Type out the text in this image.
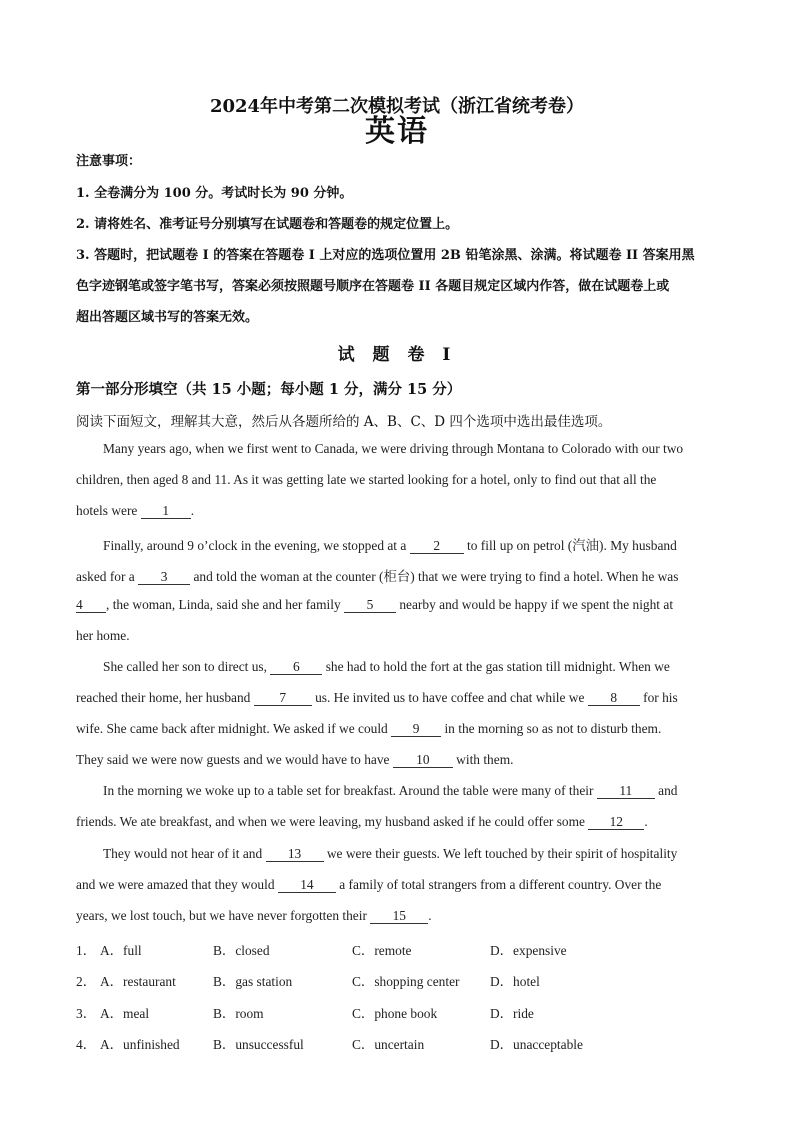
2024年中考第二次模拟考试（浙江省统考卷）
英语
注意事项：
1. 全卷满分为 100 分。考试时长为 90 分钟。
2. 请将姓名、准考证号分别填写在试题卷和答题卷的规定位置上。
3. 答题时，把试题卷 I 的答案在答题卷 I 上对应的选项位置用 2B 铅笔涂黑、涂满。将试题卷 II 答案用黑
色字迹钢笔或签字笔书写，答案必须按照题号顺序在答题卷 II 各题目规定区域内作答，做在试题卷上或
超出答题区域书写的答案无效。
试 题 卷 I
第一部分形填空（共 15 小题；每小题 1 分，满分 15 分）
阅读下面短文，理解其大意，然后从各题所给的 A、B、C、D 四个选项中选出最佳选项。
Many years ago, when we first went to Canada, we were driving through Montana to Colorado with our two
children, then aged 8 and 11. As it was getting late we started looking for a hotel, only to find out that all the
hotels were 1 .
Finally, around 9 o’clock in the evening, we stopped at a 2 to fill up on petrol (汽油). My husband
asked for a 3 and told the woman at the counter (柜台) that we were trying to find a hotel. When he was
4 , the woman, Linda, said she and her family 5 nearby and would be happy if we spent the night at
her home.
She called her son to direct us, 6 she had to hold the fort at the gas station till midnight. When we
reached their home, her husband 7 us. He invited us to have coffee and chat while we 8 for his
wife. She came back after midnight. We asked if we could 9 in the morning so as not to disturb them.
They said we were now guests and we would have to have 10 with them.
In the morning we woke up to a table set for breakfast. Around the table were many of their 11 and
friends. We ate breakfast, and when we were leaving, my husband asked if he could offer some 12 .
They would not hear of it and 13 we were their guests. We left touched by their spirit of hospitality
and we were amazed that they would 14 a family of total strangers from a different country. Over the
years, we lost touch, but we have never forgotten their 15 .
1． A．full	B．closed	C．remote	D．expensive
2． A．restaurant	B．gas station	C．shopping center D．hotel
3． A．meal	B．room	C．phone book	D．ride
4． A．unfinished B．unsuccessful	C．uncertain	D．unacceptable
